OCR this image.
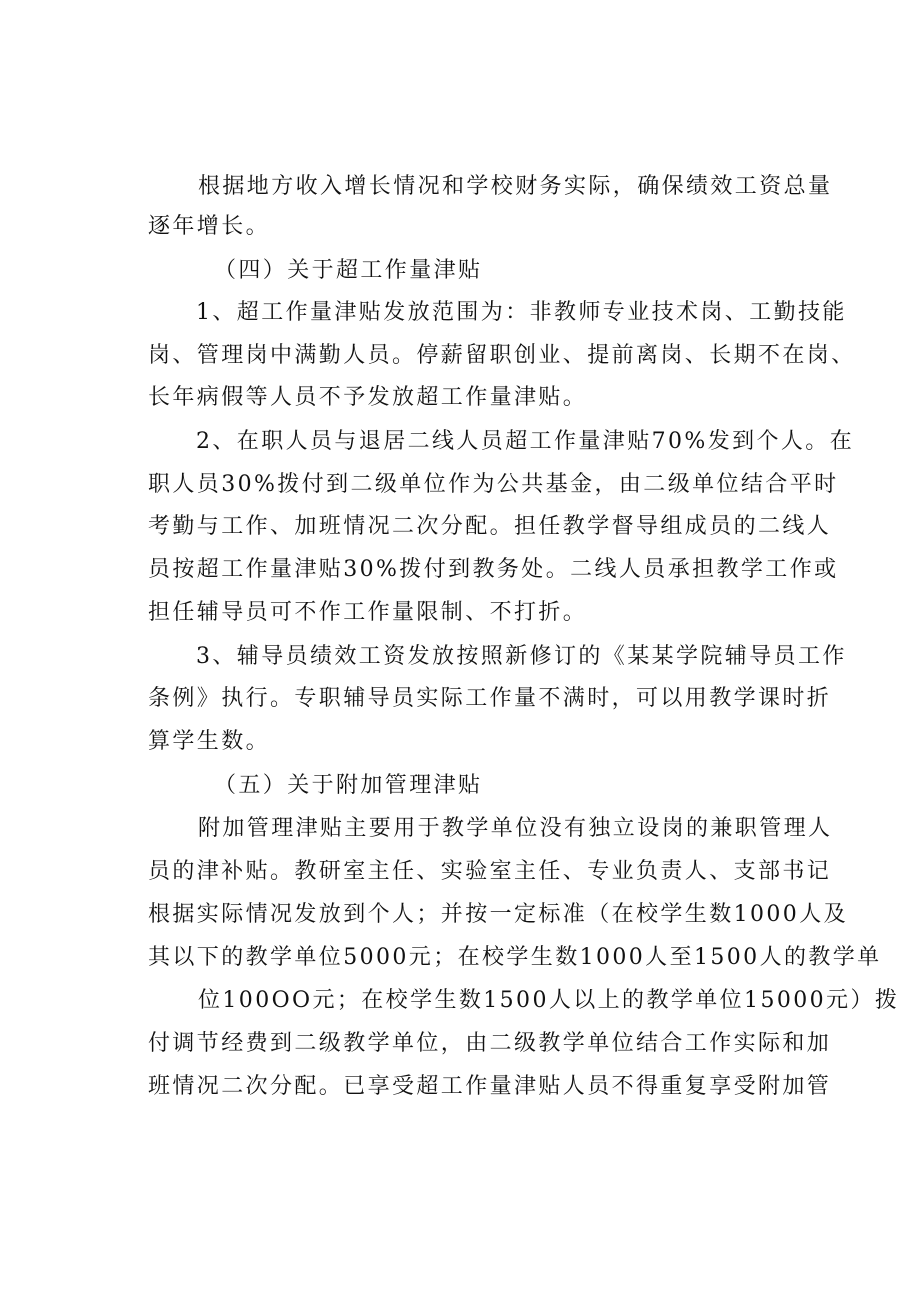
根据地方收入增长情况和学校财务实际，确保绩效工资总量
逐年增长。
（四）关于超工作量津贴
1、超工作量津贴发放范围为：非教师专业技术岗、工勤技能
岗、管理岗中满勤人员。停薪留职创业、提前离岗、长期不在岗、
长年病假等人员不予发放超工作量津贴。
2、在职人员与退居二线人员超工作量津贴70%发到个人。在
职人员30%拨付到二级单位作为公共基金，由二级单位结合平时
考勤与工作、加班情况二次分配。担任教学督导组成员的二线人
员按超工作量津贴30%拨付到教务处。二线人员承担教学工作或
担任辅导员可不作工作量限制、不打折。
3、辅导员绩效工资发放按照新修订的《某某学院辅导员工作
条例》执行。专职辅导员实际工作量不满时，可以用教学课时折
算学生数。
（五）关于附加管理津贴
附加管理津贴主要用于教学单位没有独立设岗的兼职管理人
员的津补贴。教研室主任、实验室主任、专业负责人、支部书记
根据实际情况发放到个人；并按一定标准（在校学生数1000人及
其以下的教学单位5000元；在校学生数1000人至1500人的教学单
位100OO元；在校学生数1500人以上的教学单位15000元）拨
付调节经费到二级教学单位，由二级教学单位结合工作实际和加
班情况二次分配。已享受超工作量津贴人员不得重复享受附加管
